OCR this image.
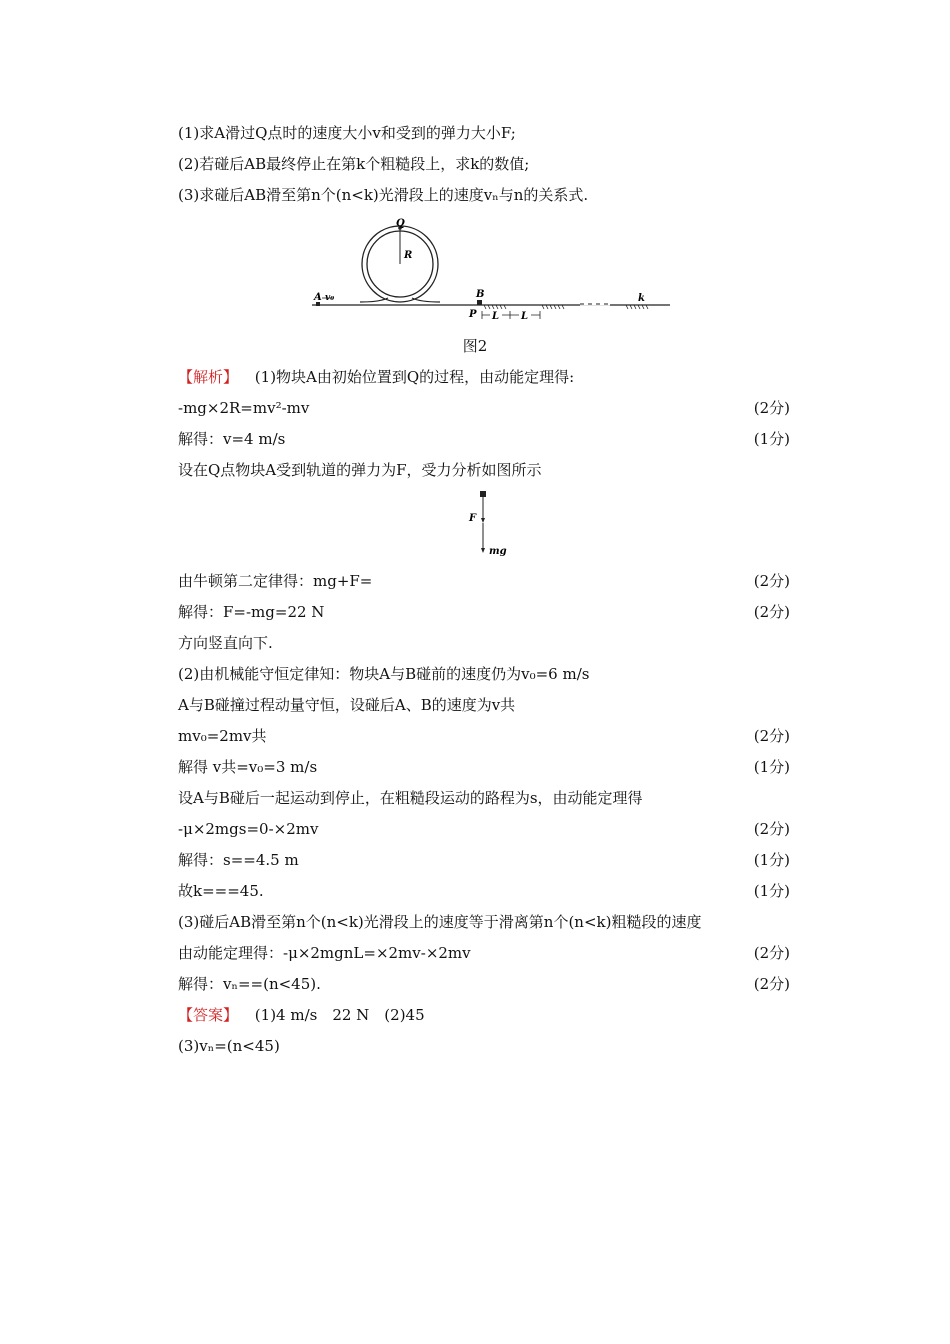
(1)求A滑过Q点时的速度大小v和受到的弹力大小F;
(2)若碰后AB最终停止在第k个粗糙段上，求k的数值;
(3)求碰后AB滑至第n个(n<k)光滑段上的速度vₙ与n的关系式.
Q
R
A v₀	B
P L L
k
图2
【解析】 (1)物块A由初始位置到Q的过程，由动能定理得:
-mg×2R=mv²-mv	(2分)
解得：v=4 m/s	(1分)
设在Q点物块A受到轨道的弹力为F，受力分析如图所示
F
mg
由牛顿第二定律得：mg+F=	(2分)
解得：F=-mg=22 N	(2分)
方向竖直向下.
(2)由机械能守恒定律知：物块A与B碰前的速度仍为v₀=6 m/s
A与B碰撞过程动量守恒，设碰后A、B的速度为v共
mv₀=2mv共	(2分)
解得 v共=v₀=3 m/s	(1分)
设A与B碰后一起运动到停止，在粗糙段运动的路程为s，由动能定理得
-μ×2mgs=0-×2mv	(2分)
解得：s==4.5 m	(1分)
故k===45.	(1分)
(3)碰后AB滑至第n个(n<k)光滑段上的速度等于滑离第n个(n<k)粗糙段的速度
由动能定理得：-μ×2mgnL=×2mv-×2mv	(2分)
解得：vₙ==(n<45).	(2分)
【答案】 (1)4 m/s　22 N　(2)45
(3)vₙ=(n<45)
